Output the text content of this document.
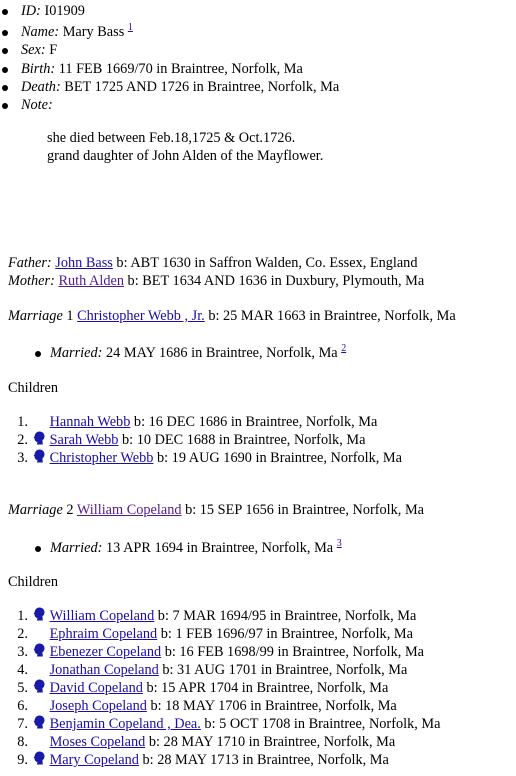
ID: I01909
Name: Mary Bass $^1$
Sex: F
Birth: 11 FEB 1669/70 in Braintree, Norfolk, Ma
Death: BET 1725 AND 1726 in Braintree, Norfolk, Ma
Note:
she died between Feb.18,1725 & Oct.1726.
grand daughter of John Alden of the Mayflower.
Father: John Bass b: ABT 1630 in Saffron Walden, Co. Essex, England
Mother: Ruth Alden b: BET 1634 AND 1636 in Duxbury, Plymouth, Ma
Marriage 1 Christopher Webb , Jr. b: 25 MAR 1663 in Braintree, Norfolk, Ma
Married: 24 MAY 1686 in Braintree, Norfolk, Ma $^2$
Children
1. Hannah Webb b: 16 DEC 1686 in Braintree, Norfolk, Ma
2. Sarah Webb b: 10 DEC 1688 in Braintree, Norfolk, Ma
3. Christopher Webb b: 19 AUG 1690 in Braintree, Norfolk, Ma
Marriage 2 William Copeland b: 15 SEP 1656 in Braintree, Norfolk, Ma
Married: 13 APR 1694 in Braintree, Norfolk, Ma $^3$
Children
1. William Copeland b: 7 MAR 1694/95 in Braintree, Norfolk, Ma
2. Ephraim Copeland b: 1 FEB 1696/97 in Braintree, Norfolk, Ma
3. Ebenezer Copeland b: 16 FEB 1698/99 in Braintree, Norfolk, Ma
4. Jonathan Copeland b: 31 AUG 1701 in Braintree, Norfolk, Ma
5. David Copeland b: 15 APR 1704 in Braintree, Norfolk, Ma
6. Joseph Copeland b: 18 MAY 1706 in Braintree, Norfolk, Ma
7. Benjamin Copeland , Dea. b: 5 OCT 1708 in Braintree, Norfolk, Ma
8. Moses Copeland b: 28 MAY 1710 in Braintree, Norfolk, Ma
9. Mary Copeland b: 28 MAY 1713 in Braintree, Norfolk, Ma
